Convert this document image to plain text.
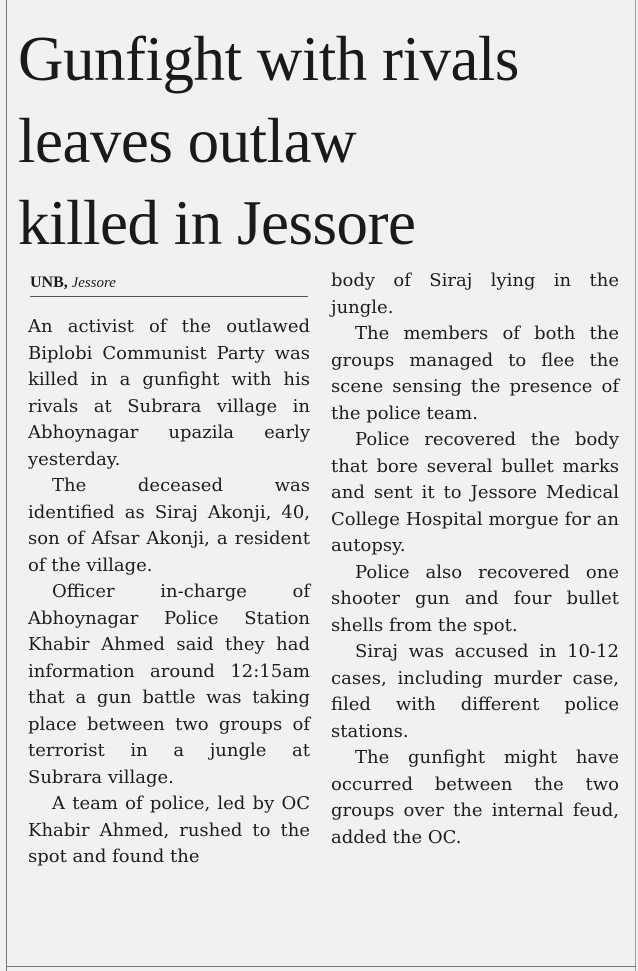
Gunfight with rivals
leaves outlaw
killed in Jessore
UNB, Jessore

An activist of the outlawed Biplobi Communist Party was killed in a gunfight with his rivals at Subrara village in Abhoynagar upazila early yesterday.

The deceased was identified as Siraj Akonji, 40, son of Afsar Akonji, a resident of the village.

Officer in-charge of Abhoynagar Police Station Khabir Ahmed said they had information around 12:15am that a gun battle was taking place between two groups of terrorist in a jungle at Subrara village.

A team of police, led by OC Khabir Ahmed, rushed to the spot and found the

body of Siraj lying in the jungle.

The members of both the groups managed to flee the scene sensing the presence of the police team.

Police recovered the body that bore several bullet marks and sent it to Jessore Medical College Hospital morgue for an autopsy.

Police also recovered one shooter gun and four bullet shells from the spot.

Siraj was accused in 10-12 cases, including murder case, filed with different police stations.

The gunfight might have occurred between the two groups over the internal feud, added the OC.
